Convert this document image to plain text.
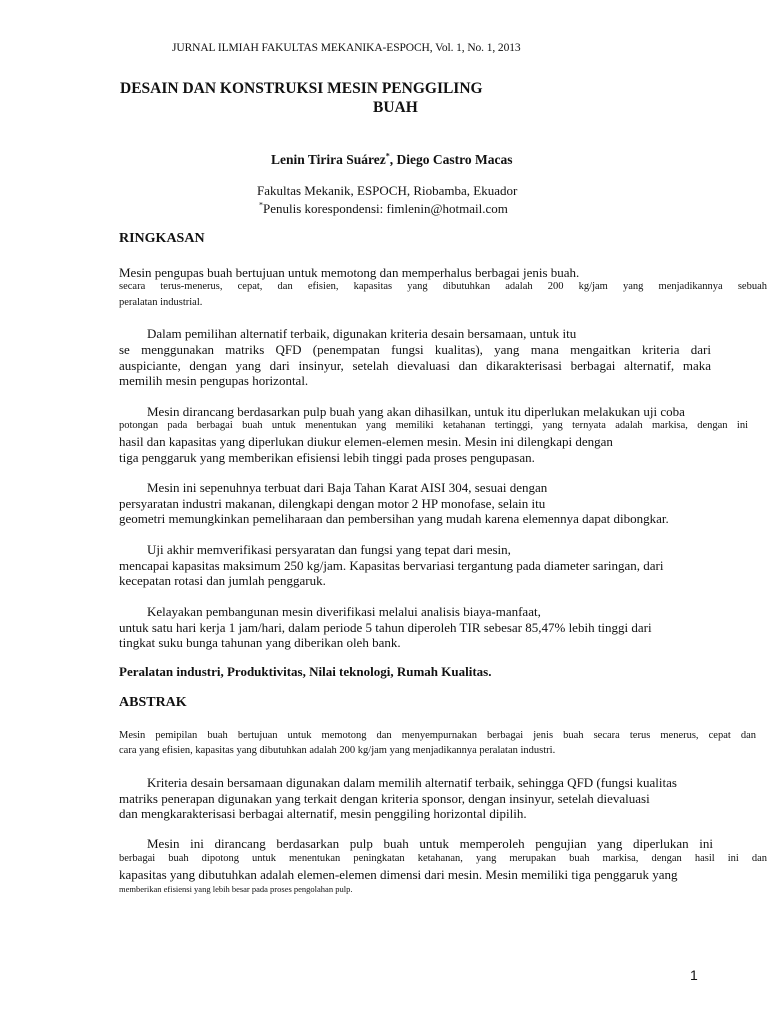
JURNAL ILMIAH FAKULTAS MEKANIKA-ESPOCH, Vol. 1, No. 1, 2013
DESAIN DAN KONSTRUKSI MESIN PENGGILING
BUAH
Lenin Tirira Suárez*, Diego Castro Macas
Fakultas Mekanik, ESPOCH, Riobamba, Ekuador
*Penulis korespondensi: fimlenin@hotmail.com
RINGKASAN
Mesin pengupas buah bertujuan untuk memotong dan memperhalus berbagai jenis buah.
secara terus-menerus, cepat, dan efisien, kapasitas yang dibutuhkan adalah 200 kg/jam yang menjadikannya sebuah
peralatan industrial.
Dalam pemilihan alternatif terbaik, digunakan kriteria desain bersamaan, untuk itu
se menggunakan matriks QFD (penempatan fungsi kualitas), yang mana mengaitkan kriteria dari
auspiciante, dengan yang dari insinyur, setelah dievaluasi dan dikarakterisasi berbagai alternatif, maka
memilih mesin pengupas horizontal.
Mesin dirancang berdasarkan pulp buah yang akan dihasilkan, untuk itu diperlukan melakukan uji coba
potongan pada berbagai buah untuk menentukan yang memiliki ketahanan tertinggi, yang ternyata adalah markisa, dengan ini
hasil dan kapasitas yang diperlukan diukur elemen-elemen mesin. Mesin ini dilengkapi dengan
tiga penggaruk yang memberikan efisiensi lebih tinggi pada proses pengupasan.
Mesin ini sepenuhnya terbuat dari Baja Tahan Karat AISI 304, sesuai dengan
persyaratan industri makanan, dilengkapi dengan motor 2 HP monofase, selain itu
geometri memungkinkan pemeliharaan dan pembersihan yang mudah karena elemennya dapat dibongkar.
Uji akhir memverifikasi persyaratan dan fungsi yang tepat dari mesin,
mencapai kapasitas maksimum 250 kg/jam. Kapasitas bervariasi tergantung pada diameter saringan, dari
kecepatan rotasi dan jumlah penggaruk.
Kelayakan pembangunan mesin diverifikasi melalui analisis biaya-manfaat,
untuk satu hari kerja 1 jam/hari, dalam periode 5 tahun diperoleh TIR sebesar 85,47% lebih tinggi dari
tingkat suku bunga tahunan yang diberikan oleh bank.
Peralatan industri, Produktivitas, Nilai teknologi, Rumah Kualitas.
ABSTRAK
Mesin pemipilan buah bertujuan untuk memotong dan menyempurnakan berbagai jenis buah secara terus menerus, cepat dan
cara yang efisien, kapasitas yang dibutuhkan adalah 200 kg/jam yang menjadikannya peralatan industri.
Kriteria desain bersamaan digunakan dalam memilih alternatif terbaik, sehingga QFD (fungsi kualitas
matriks penerapan digunakan yang terkait dengan kriteria sponsor, dengan insinyur, setelah dievaluasi
dan mengkarakterisasi berbagai alternatif, mesin penggiling horizontal dipilih.
Mesin ini dirancang berdasarkan pulp buah untuk memperoleh pengujian yang diperlukan ini
berbagai buah dipotong untuk menentukan peningkatan ketahanan, yang merupakan buah markisa, dengan hasil ini dan
kapasitas yang dibutuhkan adalah elemen-elemen dimensi dari mesin. Mesin memiliki tiga penggaruk yang
memberikan efisiensi yang lebih besar pada proses pengolahan pulp.
1
